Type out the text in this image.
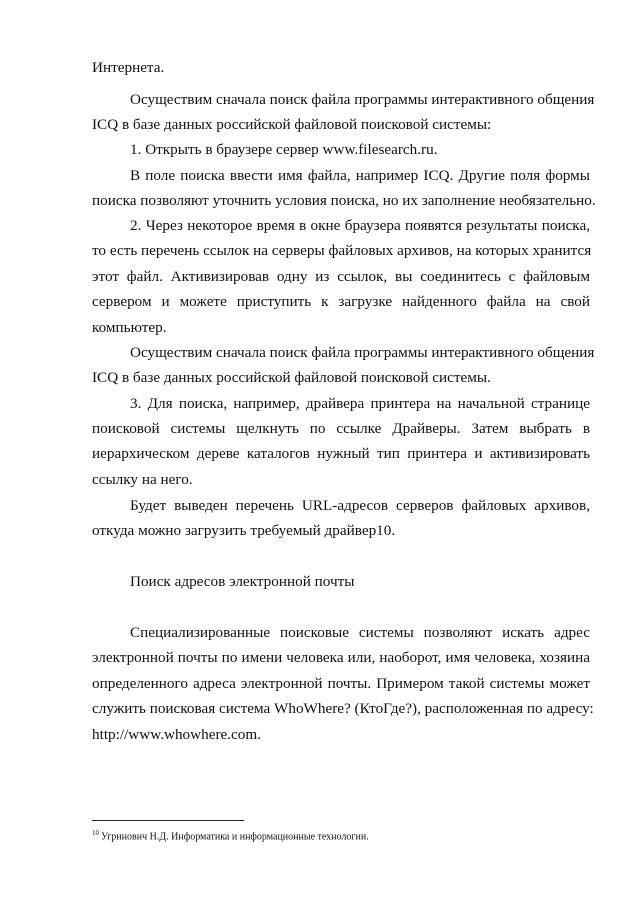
Интернета.
Осуществим сначала поиск файла программы интерактивного общения
ICQ в базе данных российской файловой поисковой системы:
1. Открыть в браузере сервер www.filesearch.ru.
В поле поиска ввести имя файла, например ICQ. Другие поля формы
поиска позволяют уточнить условия поиска, но их заполнение необязательно.
2. Через некоторое время в окне браузера появятся результаты поиска,
то есть перечень ссылок на серверы файловых архивов, на которых хранится
этот файл. Активизировав одну из ссылок, вы соединитесь с файловым
сервером и можете приступить к загрузке найденного файла на свой
компьютер.
Осуществим сначала поиск файла программы интерактивного общения
ICQ в базе данных российской файловой поисковой системы.
3. Для поиска, например, драйвера принтера на начальной странице
поисковой системы щелкнуть по ссылке Драйверы. Затем выбрать в
иерархическом дереве каталогов нужный тип принтера и активизировать
ссылку на него.
Будет выведен перечень URL-адресов серверов файловых архивов,
откуда можно загрузить требуемый драйвер10.
Поиск адресов электронной почты
Специализированные поисковые системы позволяют искать адрес
электронной почты по имени человека или, наоборот, имя человека, хозяина
определенного адреса электронной почты. Примером такой системы может
служить поисковая система WhoWhere? (КтоГде?), расположенная по адресу:
http://www.whowhere.com.
$^{10}$ Угринович Н.Д. Информатика и информационные технологии.
